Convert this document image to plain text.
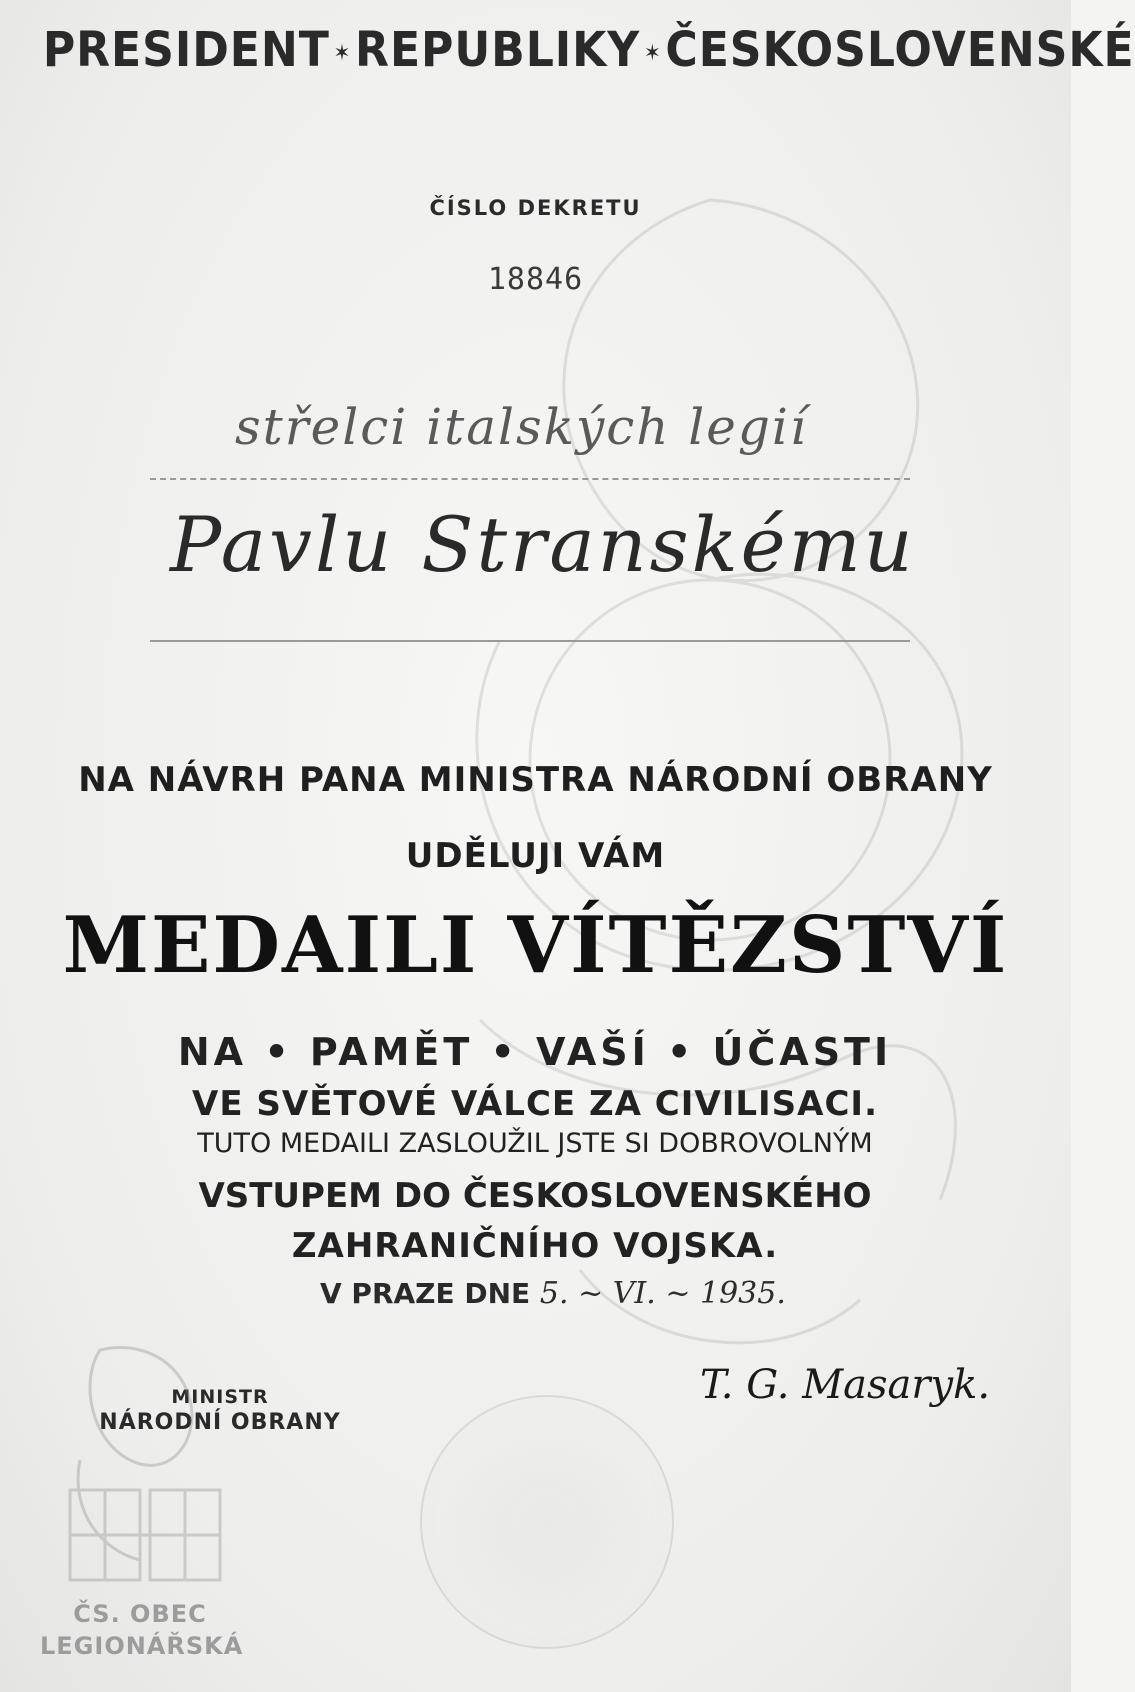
PRESIDENT ✶REPUBLIKY ✶ČESKOSLOVENSKÉ
ČÍSLO DEKRETU
18846
střelci italských legií
Pavlu Stranskému
NA NÁVRH PANA MINISTRA NÁRODNÍ OBRANY
UDĚLUJI VÁM
MEDAILI VÍTĚZSTVÍ
NA • PAMĚT • VAŠÍ • ÚČASTI
VE SVĚTOVÉ VÁLCE ZA CIVILISACI.
TUTO MEDAILI ZASLOUŽIL JSTE SI DOBROVOLNÝM
VSTUPEM DO ČESKOSLOVENSKÉHO
ZAHRANIČNÍHO VOJSKA.
V PRAZE DNE 5. ~ VI. ~ 1935.
MINISTR
NÁRODNÍ OBRANY
T. G. Masaryk.
ČS. OBEC
LEGIONÁŘSKÁ
